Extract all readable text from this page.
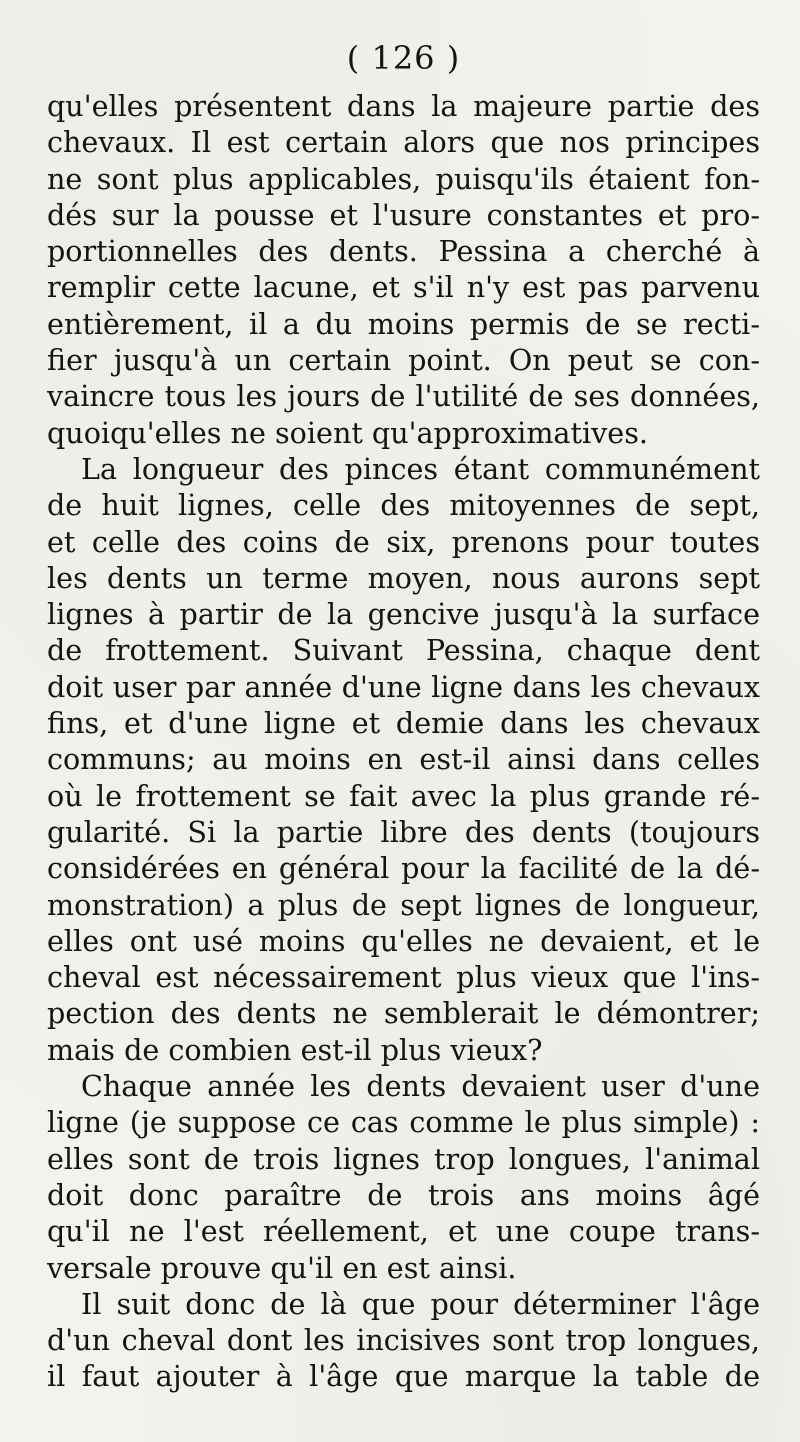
( 126 )

qu'elles présentent dans la majeure partie des
chevaux. Il est certain alors que nos principes
ne sont plus applicables, puisqu'ils étaient fon-
dés sur la pousse et l'usure constantes et pro-
portionnelles des dents. Pessina a cherché à
remplir cette lacune, et s'il n'y est pas parvenu
entièrement, il a du moins permis de se recti-
fier jusqu'à un certain point. On peut se con-
vaincre tous les jours de l'utilité de ses données,
quoiqu'elles ne soient qu'approximatives.

La longueur des pinces étant communément
de huit lignes, celle des mitoyennes de sept,
et celle des coins de six, prenons pour toutes
les dents un terme moyen, nous aurons sept
lignes à partir de la gencive jusqu'à la surface
de frottement. Suivant Pessina, chaque dent
doit user par année d'une ligne dans les chevaux
fins, et d'une ligne et demie dans les chevaux
communs; au moins en est-il ainsi dans celles
où le frottement se fait avec la plus grande ré-
gularité. Si la partie libre des dents (toujours
considérées en général pour la facilité de la dé-
monstration) a plus de sept lignes de longueur,
elles ont usé moins qu'elles ne devaient, et le
cheval est nécessairement plus vieux que l'ins-
pection des dents ne semblerait le démontrer;
mais de combien est-il plus vieux?

Chaque année les dents devaient user d'une
ligne (je suppose ce cas comme le plus simple) :
elles sont de trois lignes trop longues, l'animal
doit donc paraître de trois ans moins âgé
qu'il ne l'est réellement, et une coupe trans-
versale prouve qu'il en est ainsi.

Il suit donc de là que pour déterminer l'âge
d'un cheval dont les incisives sont trop longues,
il faut ajouter à l'âge que marque la table de
